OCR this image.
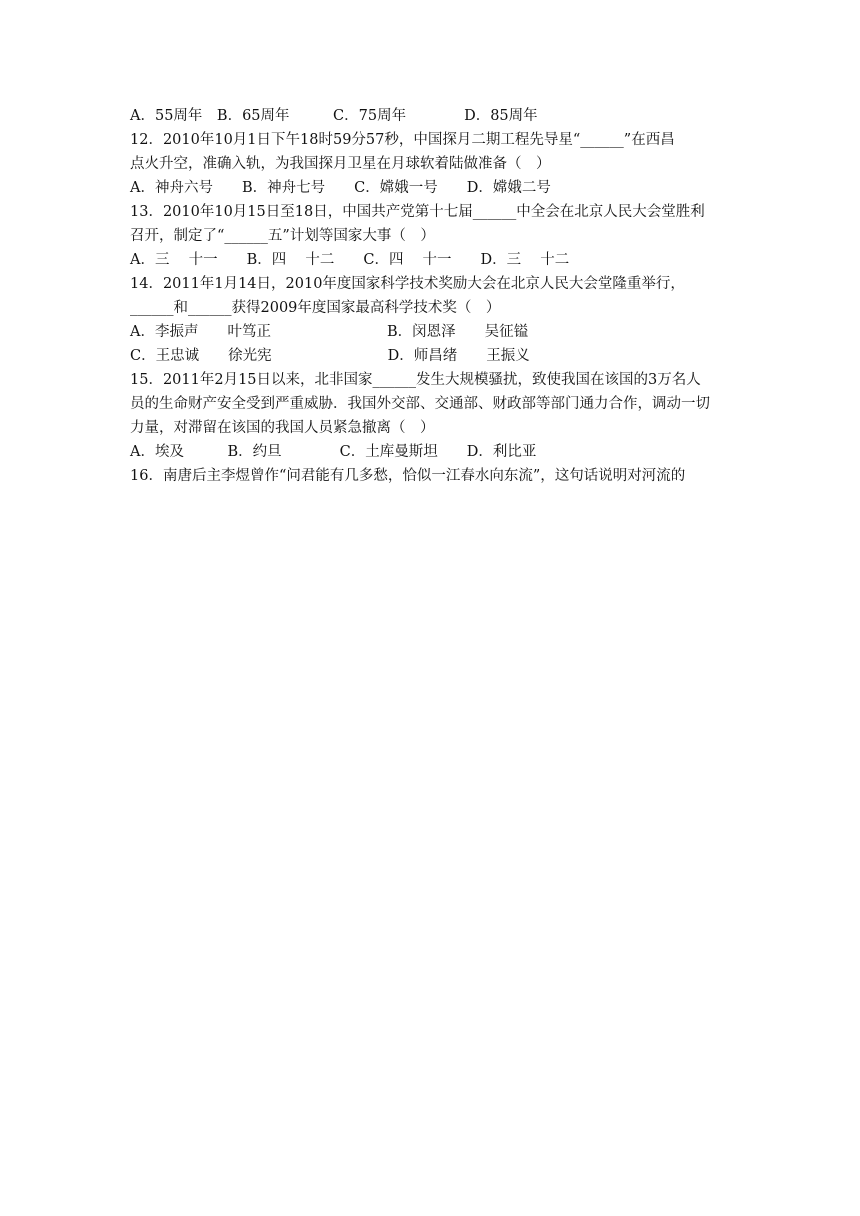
A．55周年　B．65周年　　　C．75周年　　　　D．85周年
12．2010年10月1日下午18时59分57秒，中国探月二期工程先导星“______”在西昌
点火升空，准确入轨，为我国探月卫星在月球软着陆做准备（　）
A．神舟六号　　B．神舟七号　　C．嫦娥一号　　D．嫦娥二号
13．2010年10月15日至18日，中国共产党第十七届______中全会在北京人民大会堂胜利
召开，制定了“______五”计划等国家大事（　）
A．三　 十一　　B．四　 十二　　C．四　 十一　　D．三　 十二
14．2011年1月14日，2010年度国家科学技术奖励大会在北京人民大会堂隆重举行，
______和______获得2009年度国家最高科学技术奖（　）
A．李振声　　叶笃正　　　　　　　　B．闵恩泽　　吴征镒
C．王忠诚　　徐光宪　　　　　　　　D．师昌绪　　王振义
15．2011年2月15日以来，北非国家______发生大规模骚扰，致使我国在该国的3万名人
员的生命财产安全受到严重威胁．我国外交部、交通部、财政部等部门通力合作，调动一切
力量，对滞留在该国的我国人员紧急撤离（　）
A．埃及　　　B．约旦　　　　C．土库曼斯坦　　D．利比亚
16．南唐后主李煜曾作“问君能有几多愁，恰似一江春水向东流”，这句话说明对河流的
